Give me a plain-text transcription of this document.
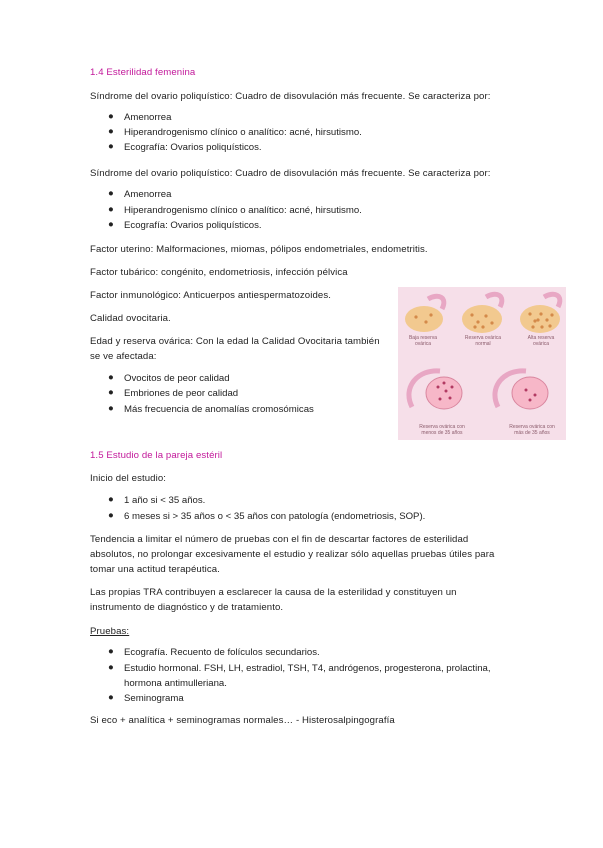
1.4 Esterilidad femenina
Síndrome del ovario poliquístico: Cuadro de disovulación más frecuente. Se caracteriza por:
● Amenorrea
● Hiperandrogenismo clínico o analítico: acné, hirsutismo.
● Ecografía: Ovarios poliquísticos.
Síndrome del ovario poliquístico: Cuadro de disovulación más frecuente. Se caracteriza por:
● Amenorrea
● Hiperandrogenismo clínico o analítico: acné, hirsutismo.
● Ecografía: Ovarios poliquísticos.
Factor uterino: Malformaciones, miomas, pólipos endometriales, endometritis.
Factor tubárico: congénito, endometriosis, infección pélvica
Factor inmunológico: Anticuerpos antiespermatozoides.
Calidad ovocitaria.
Edad y reserva ovárica: Con la edad la Calidad Ovocitaria también
se ve afectada:
● Ovocitos de peor calidad
● Embriones de peor calidad
● Más frecuencia de anomalías cromosómicas
Baja reserva
ovárica
Reserva ovárica
normal
Alta reserva
ovárica
Reserva ovárica con
menos de 35 años
Reserva ovárica con
más de 35 años
1.5 Estudio de la pareja estéril
Inicio del estudio:
● 1 año si < 35 años.
● 6 meses si > 35 años o < 35 años con patología (endometriosis, SOP).
Tendencia a limitar el número de pruebas con el fin de descartar factores de esterilidad
absolutos, no prolongar excesivamente el estudio y realizar sólo aquellas pruebas útiles para
tomar una actitud terapéutica.
Las propias TRA contribuyen a esclarecer la causa de la esterilidad y constituyen un
instrumento de diagnóstico y de tratamiento.
Pruebas:
● Ecografía. Recuento de folículos secundarios.
● Estudio hormonal. FSH, LH, estradiol, TSH, T4, andrógenos, progesterona, prolactina,
hormona antimulleriana.
● Seminograma
Si eco + analítica + seminogramas normales… - Histerosalpingografía
